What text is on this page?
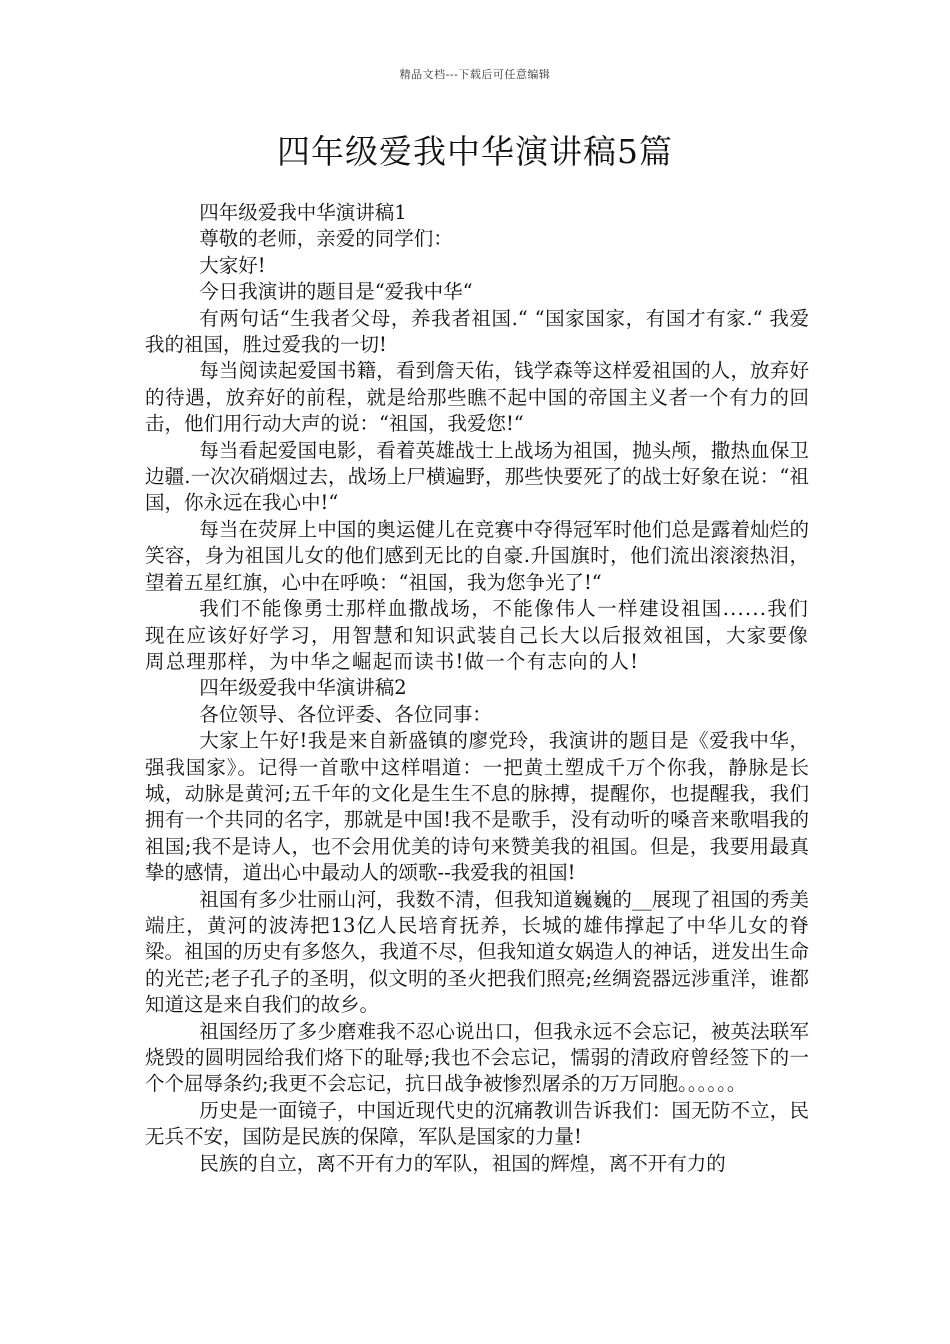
精品文档---下载后可任意编辑
四年级爱我中华演讲稿5篇

四年级爱我中华演讲稿1

尊敬的老师，亲爱的同学们：

大家好!

今日我演讲的题目是“爱我中华“

有两句话“生我者父母，养我者祖国.“ “国家国家，有国才有家.“ 我爱我的祖国，胜过爱我的一切!

每当阅读起爱国书籍，看到詹天佑，钱学森等这样爱祖国的人，放弃好的待遇，放弃好的前程，就是给那些瞧不起中国的帝国主义者一个有力的回击，他们用行动大声的说：“祖国，我爱您!“

每当看起爱国电影，看着英雄战士上战场为祖国，抛头颅，撒热血保卫边疆.一次次硝烟过去，战场上尸横遍野，那些快要死了的战士好象在说：“祖国，你永远在我心中!“

每当在荧屏上中国的奥运健儿在竞赛中夺得冠军时他们总是露着灿烂的笑容，身为祖国儿女的他们感到无比的自豪.升国旗时，他们流出滚滚热泪，望着五星红旗，心中在呼唤：“祖国，我为您争光了!“

我们不能像勇士那样血撒战场，不能像伟人一样建设祖国......我们现在应该好好学习，用智慧和知识武装自己长大以后报效祖国，大家要像周总理那样，为中华之崛起而读书!做一个有志向的人!

四年级爱我中华演讲稿2

各位领导、各位评委、各位同事：

大家上午好!我是来自新盛镇的廖党玲，我演讲的题目是《爱我中华，强我国家》。记得一首歌中这样唱道：一把黄土塑成千万个你我，静脉是长城，动脉是黄河;五千年的文化是生生不息的脉搏，提醒你，也提醒我，我们拥有一个共同的名字，那就是中国!我不是歌手，没有动听的嗓音来歌唱我的祖国;我不是诗人，也不会用优美的诗句来赞美我的祖国。但是，我要用最真挚的感情，道出心中最动人的颂歌--我爱我的祖国!

祖国有多少壮丽山河，我数不清，但我知道巍巍的__展现了祖国的秀美端庄，黄河的波涛把13亿人民培育抚养，长城的雄伟撑起了中华儿女的脊梁。祖国的历史有多悠久，我道不尽，但我知道女娲造人的神话，迸发出生命的光芒;老子孔子的圣明，似文明的圣火把我们照亮;丝绸瓷器远涉重洋，谁都知道这是来自我们的故乡。

祖国经历了多少磨难我不忍心说出口，但我永远不会忘记，被英法联军烧毁的圆明园给我们烙下的耻辱;我也不会忘记，懦弱的清政府曾经签下的一个个屈辱条约;我更不会忘记，抗日战争被惨烈屠杀的万万同胞。。。。。。

历史是一面镜子，中国近现代史的沉痛教训告诉我们：国无防不立，民无兵不安，国防是民族的保障，军队是国家的力量!

民族的自立，离不开有力的军队，祖国的辉煌，离不开有力的
